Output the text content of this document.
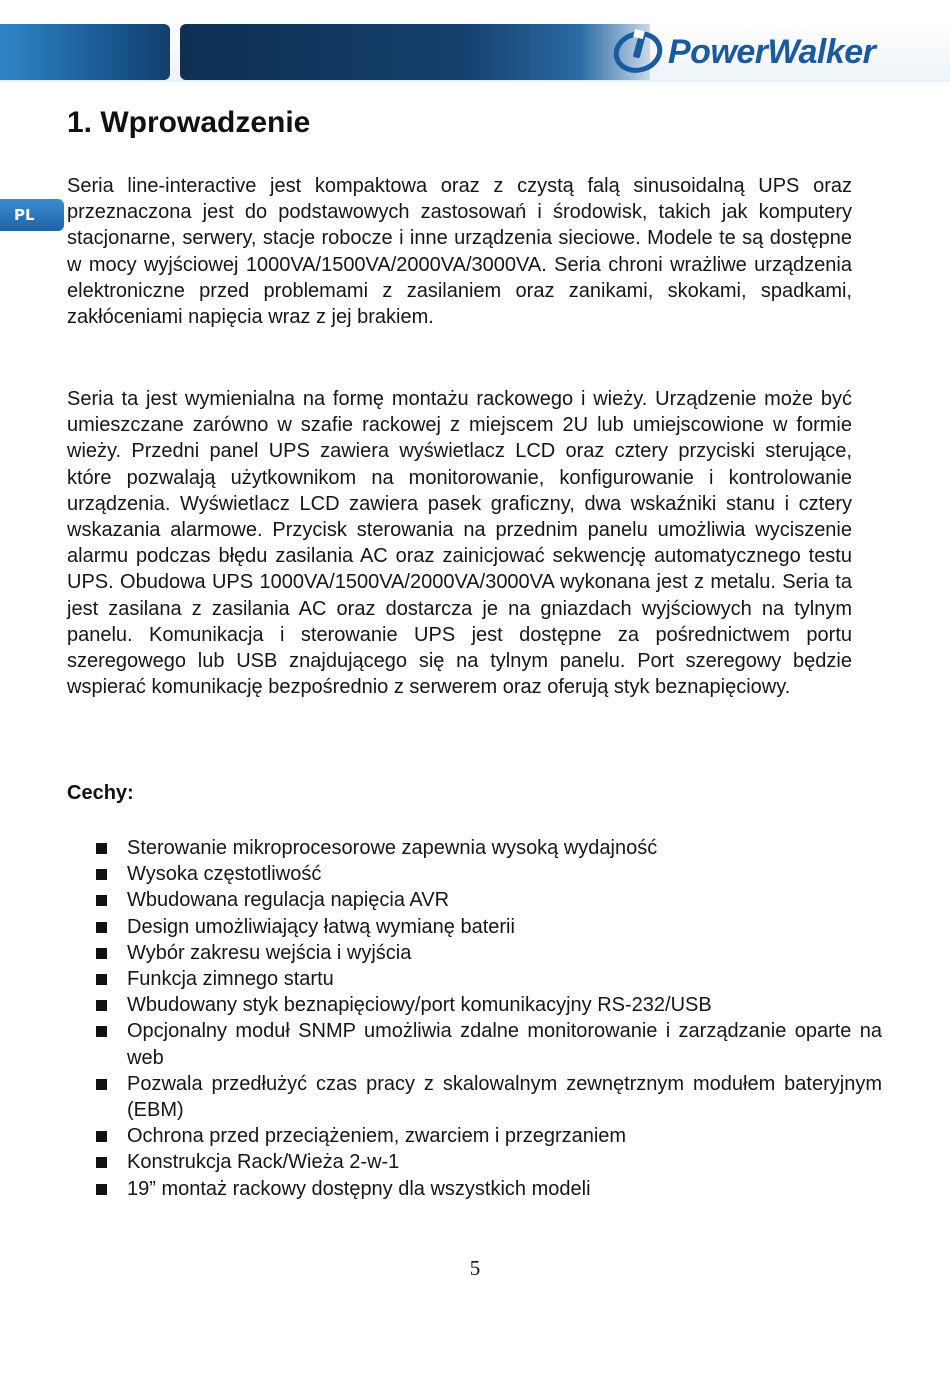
PowerWalker
PL
1. Wprowadzenie

Seria line-interactive jest kompaktowa oraz z czystą falą sinusoidalną UPS oraz przeznaczona jest do podstawowych zastosowań i środowisk, takich jak komputery stacjonarne, serwery, stacje robocze i inne urządzenia sieciowe. Modele te są dostępne w mocy wyjściowej 1000VA/1500VA/2000VA/3000VA. Seria chroni wrażliwe urządzenia elektroniczne przed problemami z zasilaniem oraz zanikami, skokami, spadkami, zakłóceniami napięcia wraz z jej brakiem.

Seria ta jest wymienialna na formę montażu rackowego i wieży. Urządzenie może być umieszczane zarówno w szafie rackowej z miejscem 2U lub umiejscowione w formie wieży. Przedni panel UPS zawiera wyświetlacz LCD oraz cztery przyciski sterujące, które pozwalają użytkownikom na monitorowanie, konfigurowanie i kontrolowanie urządzenia. Wyświetlacz LCD zawiera pasek graficzny, dwa wskaźniki stanu i cztery wskazania alarmowe. Przycisk sterowania na przednim panelu umożliwia wyciszenie alarmu podczas błędu zasilania AC oraz zainicjować sekwencję automatycznego testu UPS. Obudowa UPS 1000VA/1500VA/2000VA/3000VA wykonana jest z metalu. Seria ta jest zasilana z zasilania AC oraz dostarcza je na gniazdach wyjściowych na tylnym panelu. Komunikacja i sterowanie UPS jest dostępne za pośrednictwem portu szeregowego lub USB znajdującego się na tylnym panelu. Port szeregowy będzie wspierać komunikację bezpośrednio z serwerem oraz oferują styk beznapięciowy.

Cechy:
Sterowanie mikroprocesorowe zapewnia wysoką wydajność
Wysoka częstotliwość
Wbudowana regulacja napięcia AVR
Design umożliwiający łatwą wymianę baterii
Wybór zakresu wejścia i wyjścia
Funkcja zimnego startu
Wbudowany styk beznapięciowy/port komunikacyjny RS-232/USB
Opcjonalny moduł SNMP umożliwia zdalne monitorowanie i zarządzanie oparte na web
Pozwala przedłużyć czas pracy z skalowalnym zewnętrznym modułem bateryjnym (EBM)
Ochrona przed przeciążeniem, zwarciem i przegrzaniem
Konstrukcja Rack/Wieża 2-w-1
19” montaż rackowy dostępny dla wszystkich modeli
5
